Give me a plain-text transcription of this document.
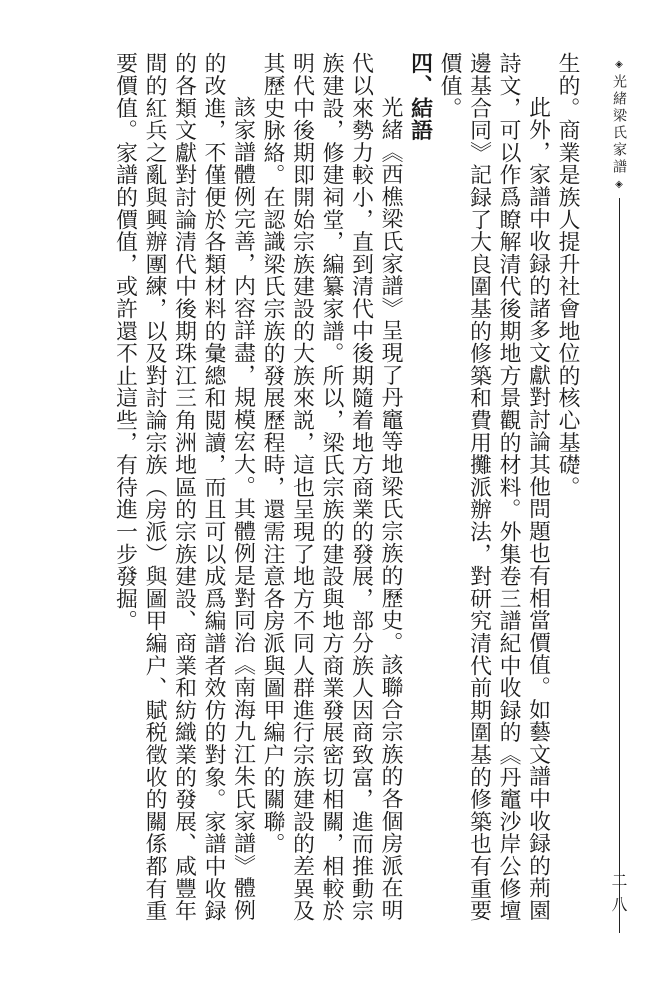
◈
光緒梁氏家譜
◈
二八

生的。商業是族人提升社會地位的核心基礎。

此外，家譜中收録的諸多文獻對討論其他問題也有相當價值。如藝文譜中收録的荊園詩文，可以作爲瞭解清代後期地方景觀的材料。外集卷三譜紀中收録的《丹竈沙岸公修壇邊基合同》記録了大良圍基的修築和費用攤派辦法，對研究清代前期圍基的修築也有重要價值。

四、結語

光緒《西樵梁氏家譜》呈現了丹竈等地梁氏宗族的歷史。該聯合宗族的各個房派在明代以來勢力較小，直到清代中後期隨着地方商業的發展，部分族人因商致富，進而推動宗族建設，修建祠堂，編纂家譜。所以，梁氏宗族的建設與地方商業發展密切相關，相較於明代中後期即開始宗族建設的大族來説，這也呈現了地方不同人群進行宗族建設的差異及其歷史脉絡。在認識梁氏宗族的發展歷程時，還需注意各房派與圖甲編户的關聯。

該家譜體例完善，内容詳盡，規模宏大。其體例是對同治《南海九江朱氏家譜》體例的改進，不僅便於各類材料的彙總和閲讀，而且可以成爲編譜者效仿的對象。家譜中收録的各類文獻對討論清代中後期珠江三角洲地區的宗族建設、商業和紡織業的發展、咸豐年間的紅兵之亂與興辦團練，以及對討論宗族（房派）與圖甲編户、賦税徵收的關係都有重要價值。家譜的價值，或許還不止這些，有待進一步發掘。
